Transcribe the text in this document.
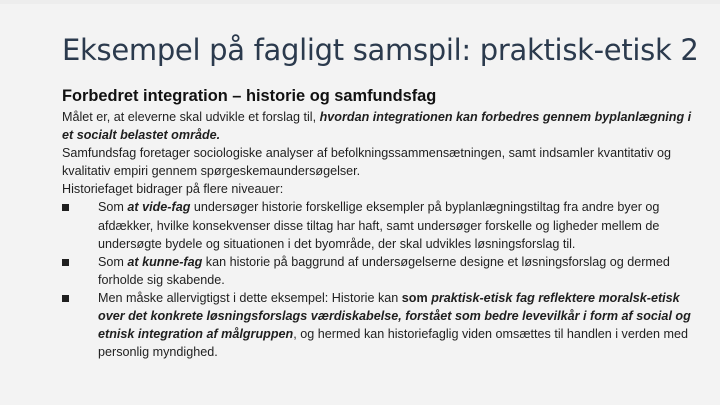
Eksempel på fagligt samspil: praktisk-etisk 2
Forbedret integration – historie og samfundsfag

Målet er, at eleverne skal udvikle et forslag til, hvordan integrationen kan forbedres gennem byplanlægning i et socialt belastet område.

Samfundsfag foretager sociologiske analyser af befolkningssammensætningen, samt indsamler kvantitativ og kvalitativ empiri gennem spørgeskemaundersøgelser.

Historiefaget bidrager på flere niveauer:

Som at vide-fag undersøger historie forskellige eksempler på byplanlægningstiltag fra andre byer og afdækker, hvilke konsekvenser disse tiltag har haft, samt undersøger forskelle og ligheder mellem de undersøgte bydele og situationen i det byområde, der skal udvikles løsningsforslag til.
Som at kunne-fag kan historie på baggrund af undersøgelserne designe et løsningsforslag og dermed forholde sig skabende.
Men måske allervigtigst i dette eksempel: Historie kan som praktisk-etisk fag reflektere moralsk-etisk over det konkrete løsningsforslags værdiskabelse, forstået som bedre levevilkår i form af social og etnisk integration af målgruppen, og hermed kan historiefaglig viden omsættes til handlen i verden med personlig myndighed.
